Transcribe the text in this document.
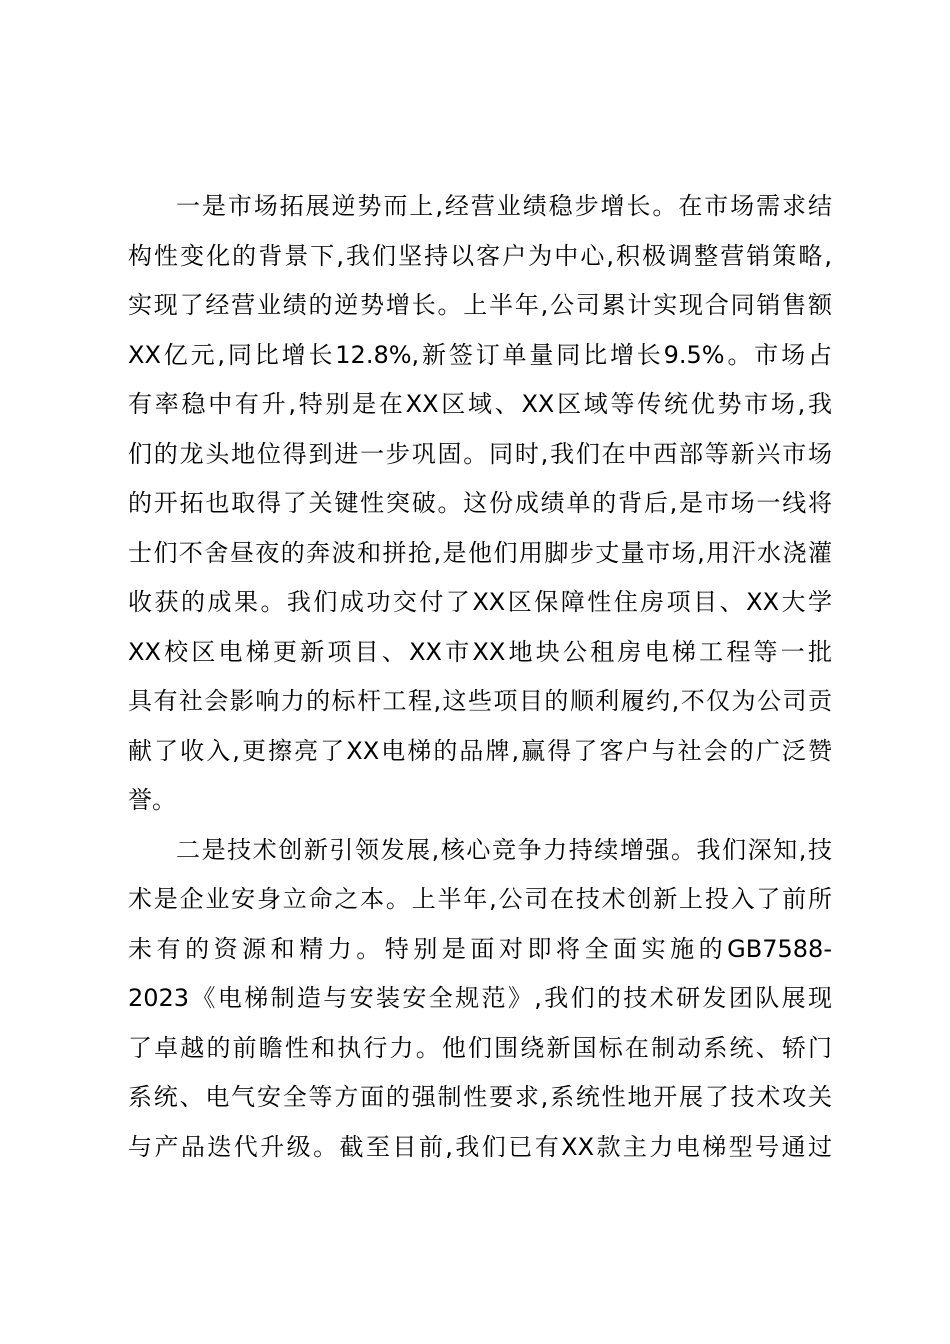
一是市场拓展逆势而上,经营业绩稳步增长。在市场需求结
构性变化的背景下,我们坚持以客户为中心,积极调整营销策略,
实现了经营业绩的逆势增长。上半年,公司累计实现合同销售额
XX亿元,同比增长12.8%,新签订单量同比增长9.5%。市场占
有率稳中有升,特别是在XX区域、XX区域等传统优势市场,我
们的龙头地位得到进一步巩固。同时,我们在中西部等新兴市场
的开拓也取得了关键性突破。这份成绩单的背后,是市场一线将
士们不舍昼夜的奔波和拼抢,是他们用脚步丈量市场,用汗水浇灌
收获的成果。我们成功交付了XX区保障性住房项目、XX大学
XX校区电梯更新项目、XX市XX地块公租房电梯工程等一批
具有社会影响力的标杆工程,这些项目的顺利履约,不仅为公司贡
献了收入,更擦亮了XX电梯的品牌,赢得了客户与社会的广泛赞
誉。
二是技术创新引领发展,核心竞争力持续增强。我们深知,技
术是企业安身立命之本。上半年,公司在技术创新上投入了前所
未有的资源和精力。特别是面对即将全面实施的GB7588-
2023《电梯制造与安装安全规范》,我们的技术研发团队展现
了卓越的前瞻性和执行力。他们围绕新国标在制动系统、轿门
系统、电气安全等方面的强制性要求,系统性地开展了技术攻关
与产品迭代升级。截至目前,我们已有XX款主力电梯型号通过
